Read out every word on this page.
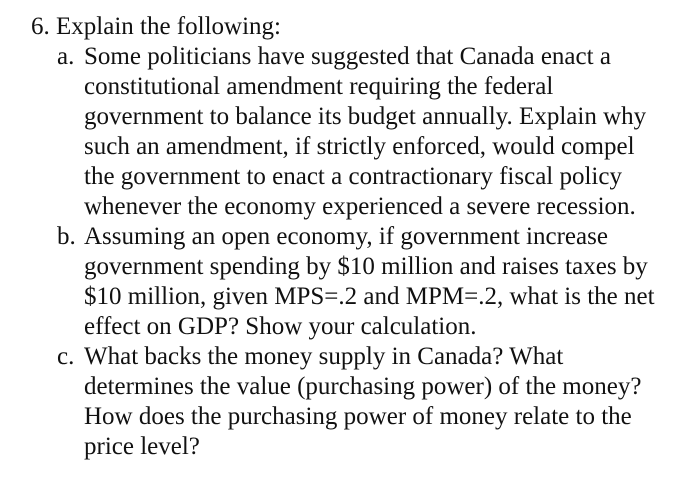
6. Explain the following:
a. Some politicians have suggested that Canada enact a
constitutional amendment requiring the federal
government to balance its budget annually. Explain why
such an amendment, if strictly enforced, would compel
the government to enact a contractionary fiscal policy
whenever the economy experienced a severe recession.
b. Assuming an open economy, if government increase
government spending by $10 million and raises taxes by
$10 million, given MPS=.2 and MPM=.2, what is the net
effect on GDP? Show your calculation.
c. What backs the money supply in Canada? What
determines the value (purchasing power) of the money?
How does the purchasing power of money relate to the
price level?
